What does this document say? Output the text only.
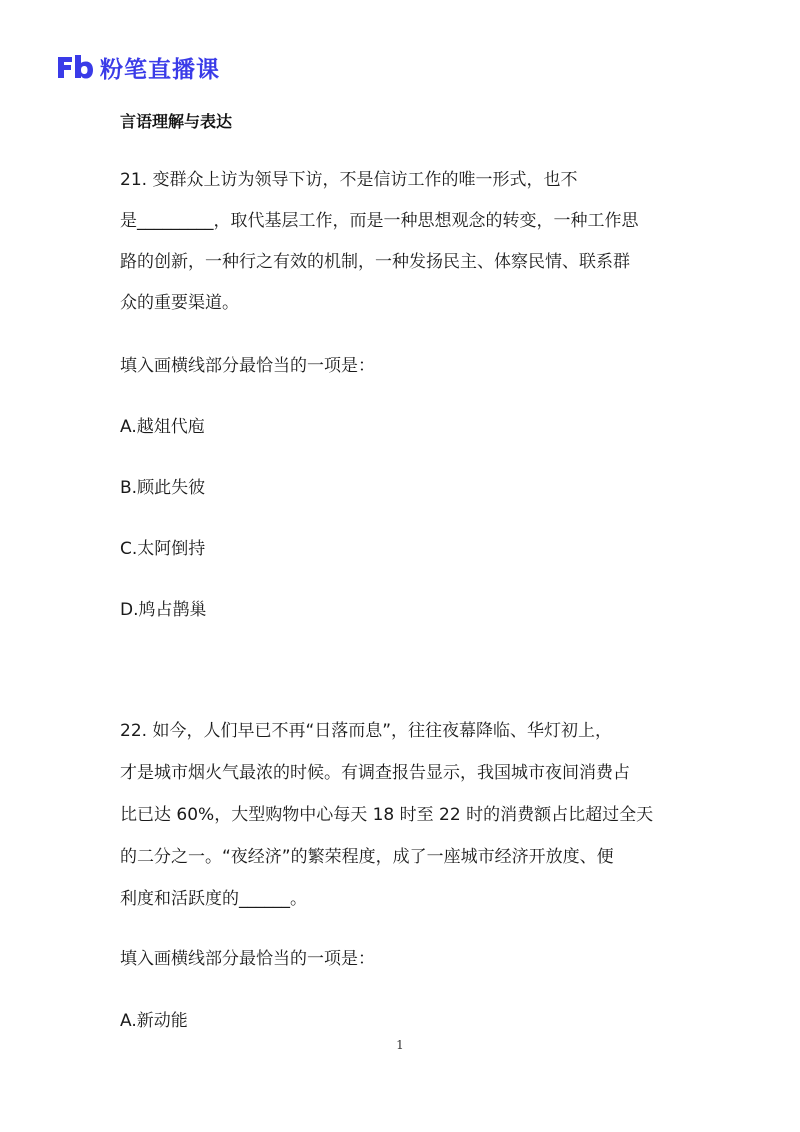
粉笔直播课
言语理解与表达
21. 变群众上访为领导下访，不是信访工作的唯一形式，也不
是_________，取代基层工作，而是一种思想观念的转变，一种工作思
路的创新，一种行之有效的机制，一种发扬民主、体察民情、联系群
众的重要渠道。
填入画横线部分最恰当的一项是：
A.越俎代庖
B.顾此失彼
C.太阿倒持
D.鸠占鹊巢
22. 如今，人们早已不再“日落而息”，往往夜幕降临、华灯初上，
才是城市烟火气最浓的时候。有调查报告显示，我国城市夜间消费占
比已达 60%，大型购物中心每天 18 时至 22 时的消费额占比超过全天
的二分之一。“夜经济”的繁荣程度，成了一座城市经济开放度、便
利度和活跃度的______。
填入画横线部分最恰当的一项是：
A.新动能
1
